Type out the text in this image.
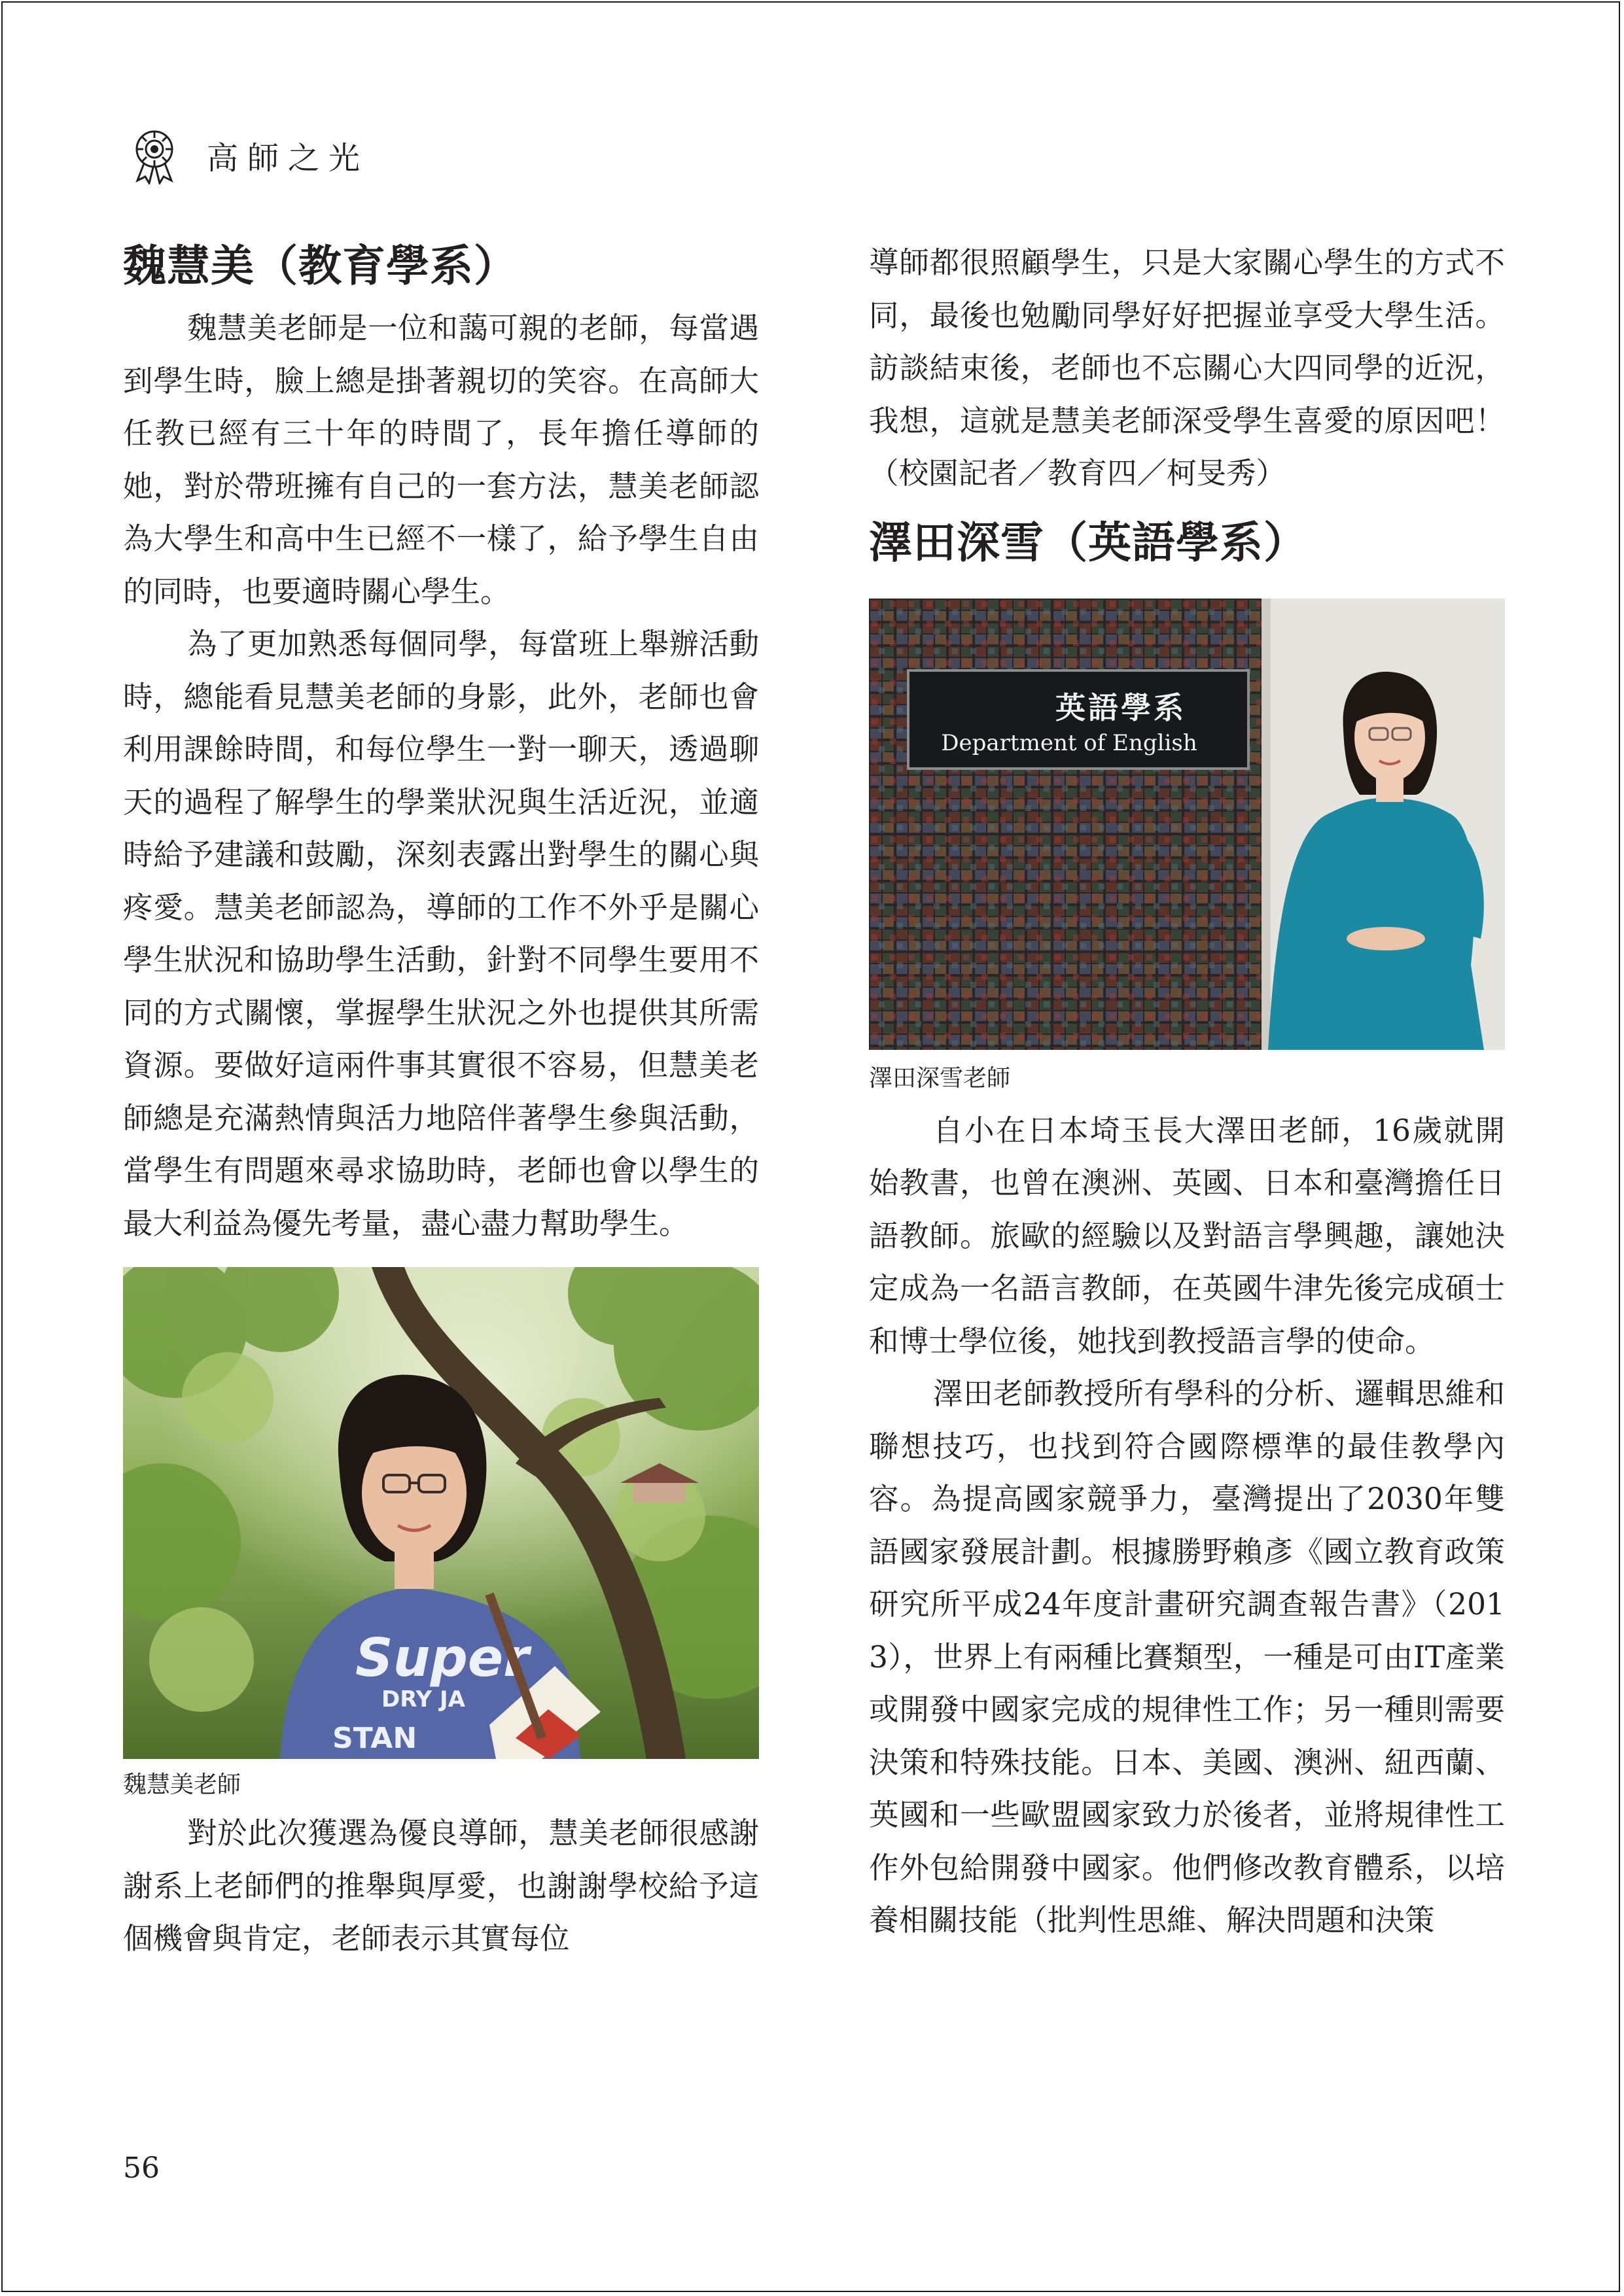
高師之光
魏慧美（教育學系）

魏慧美老師是一位和藹可親的老師，每當遇到學生時，臉上總是掛著親切的笑容。在高師大任教已經有三十年的時間了，長年擔任導師的她，對於帶班擁有自己的一套方法，慧美老師認為大學生和高中生已經不一樣了，給予學生自由的同時，也要適時關心學生。

為了更加熟悉每個同學，每當班上舉辦活動時，總能看見慧美老師的身影，此外，老師也會利用課餘時間，和每位學生一對一聊天，透過聊天的過程了解學生的學業狀況與生活近況，並適時給予建議和鼓勵，深刻表露出對學生的關心與疼愛。慧美老師認為，導師的工作不外乎是關心學生狀況和協助學生活動，針對不同學生要用不同的方式關懷，掌握學生狀況之外也提供其所需資源。要做好這兩件事其實很不容易，但慧美老師總是充滿熱情與活力地陪伴著學生參與活動，當學生有問題來尋求協助時，老師也會以學生的最大利益為優先考量，盡心盡力幫助學生。

Super
DRY JA
STAN
魏慧美老師

對於此次獲選為優良導師，慧美老師很感謝謝系上老師們的推舉與厚愛，也謝謝學校給予這個機會與肯定，老師表示其實每位

導師都很照顧學生，只是大家關心學生的方式不同，最後也勉勵同學好好把握並享受大學生活。訪談結束後，老師也不忘關心大四同學的近況，我想，這就是慧美老師深受學生喜愛的原因吧！（校園記者／教育四／柯旻秀）

澤田深雪（英語學系）
英語學系
Department of English
澤田深雪老師

自小在日本埼玉長大澤田老師，16歲就開始教書，也曾在澳洲、英國、日本和臺灣擔任日語教師。旅歐的經驗以及對語言學興趣，讓她決定成為一名語言教師，在英國牛津先後完成碩士和博士學位後，她找到教授語言學的使命。

澤田老師教授所有學科的分析、邏輯思維和聯想技巧，也找到符合國際標準的最佳教學內容。為提高國家競爭力，臺灣提出了2030年雙語國家發展計劃。根據勝野賴彥《國立教育政策研究所平成24年度計畫研究調查報告書》（2013），世界上有兩種比賽類型，一種是可由IT產業或開發中國家完成的規律性工作；另一種則需要決策和特殊技能。日本、美國、澳洲、紐西蘭、英國和一些歐盟國家致力於後者，並將規律性工作外包給開發中國家。他們修改教育體系，以培養相關技能（批判性思維、解決問題和決策

56
